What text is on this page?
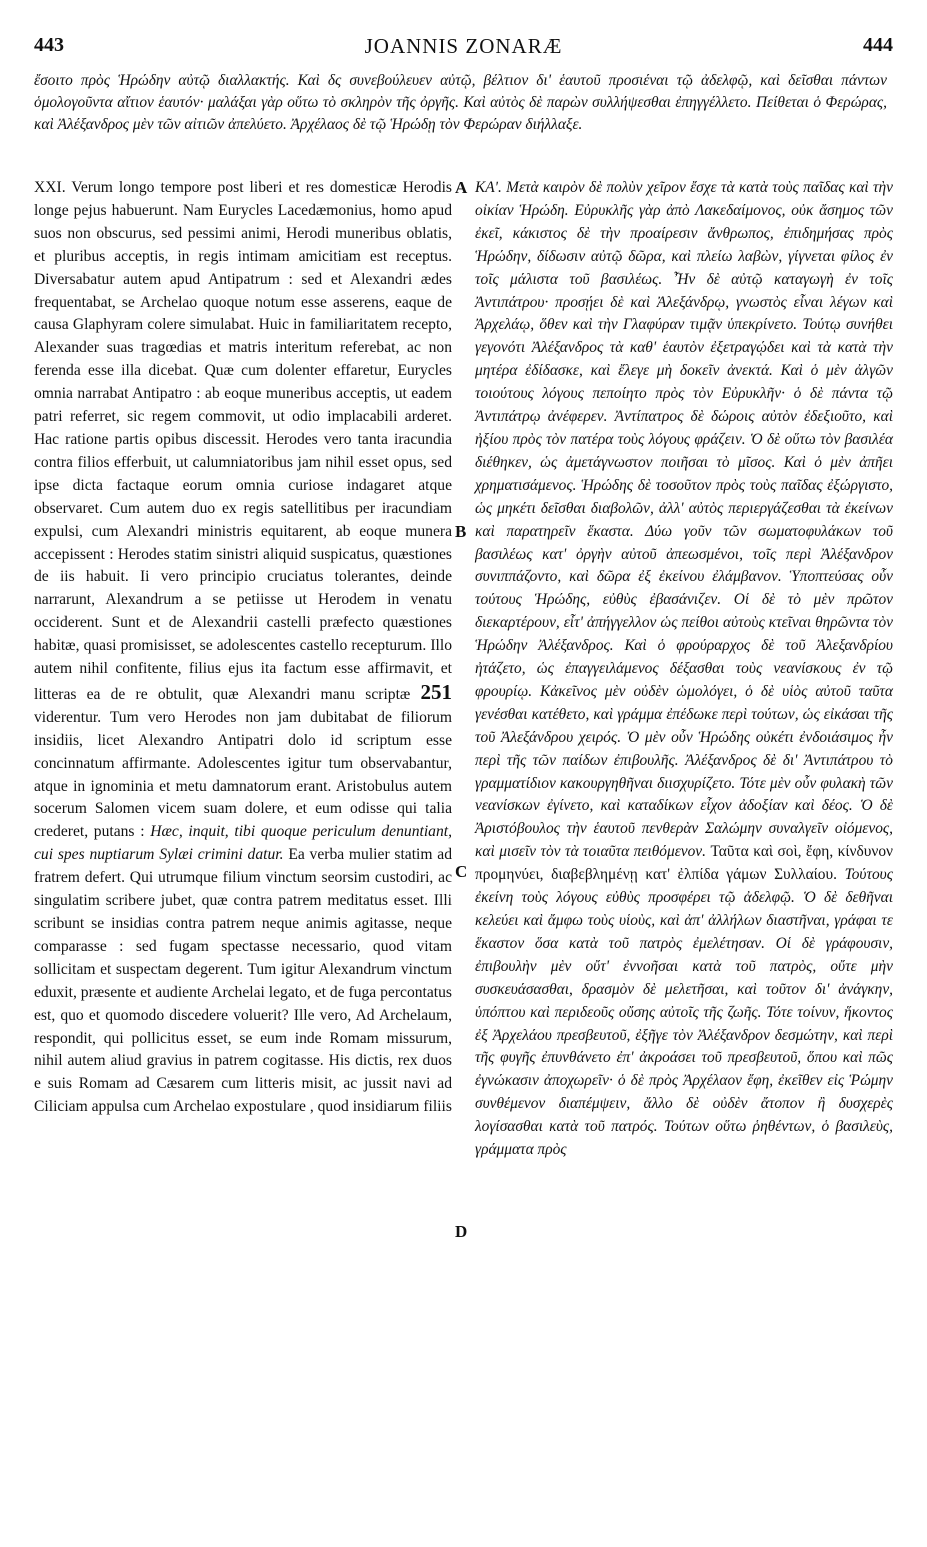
443	JOANNIS ZONARÆ	444

ἔσοιτο πρὸς Ἡρώδην αὐτῷ διαλλακτής. Καὶ δς συνεβούλευεν αὐτῷ, βέλτιον δι' ἑαυτοῦ προσιέναι τῷ ἀδελφῷ, καὶ δεῖσθαι πάντων ὁμολογοῦντα αἴτιον ἑαυτόν· μαλάξαι γὰρ οὕτω τὸ σκληρὸν τῆς ὀργῆς. Καὶ αὐτὸς δὲ παρὼν συλλήψεσθαι ἐπηγγέλλετο. Πείθεται ὁ Φερώρας, καὶ Ἀλέξανδρος μὲν τῶν αἰτιῶν ἀπελύετο. Ἀρχέλαος δὲ τῷ Ἡρώδῃ τὸν Φερώραν διήλλαξε.

XXI. Verum longo tempore post liberi et res domesticæ Herodis longe pejus habuerunt. Nam Eurycles Lacedæmonius, homo apud suos non obscurus, sed pessimi animi, Herodi muneribus oblatis, et pluribus acceptis, in regis intimam amicitiam est receptus. Diversabatur autem apud Antipatrum : sed et Alexandri ædes frequentabat, se Archelao quoque notum esse asserens, eaque de causa Glaphyram colere simulabat. Huic in familiaritatem recepto, Alexander suas tragœdias et matris interitum referebat, ac non ferenda esse illa dicebat. Quæ cum dolenter effaretur, Eurycles omnia narrabat Antipatro : ab eoque muneribus acceptis, ut eadem patri referret, sic regem commovit, ut odio implacabili arderet. Hac ratione partis opibus discessit. Herodes vero tanta iracundia contra filios efferbuit, ut calumniatoribus jam nihil esset opus, sed ipse dicta factaque eorum omnia curiose indagaret atque observaret. Cum autem duo ex regis satellitibus per iracundiam expulsi, cum Alexandri ministris equitarent, ab eoque munera accepissent : Herodes statim sinistri aliquid suspicatus, quæstiones de iis habuit. Ii vero principio cruciatus tolerantes, deinde narrarunt, Alexandrum a se petiisse ut Herodem in venatu occiderent. Sunt et de Alexandrii castelli præfecto quæstiones habitæ, quasi promisisset, se adolescentes castello recepturum. Illo autem nihil confitente, filius ejus ita factum esse affirmavit, et litteras ea de re obtulit, quæ Alexandri manu scriptæ 251 viderentur. Tum vero Herodes non jam dubitabat de filiorum insidiis, licet Alexandro Antipatri dolo id scriptum esse concinnatum affirmante. Adolescentes igitur tum observabantur, atque in ignominia et metu damnatorum erant. Aristobulus autem socerum Salomen vicem suam dolere, et eum odisse qui talia crederet, putans : Hæc, inquit, tibi quoque periculum denuntiant, cui spes nuptiarum Sylæi crimini datur. Ea verba mulier statim ad fratrem defert. Qui utrumque filium vinctum seorsim custodiri, ac singulatim scribere jubet, quæ contra patrem meditatus esset. Illi scribunt se insidias contra patrem neque animis agitasse, neque comparasse : sed fugam spectasse necessario, quod vitam sollicitam et suspectam degerent. Tum igitur Alexandrum vinctum eduxit, præsente et audiente Archelai legato, et de fuga percontatus est, quo et quomodo discedere voluerit? Ille vero, Ad Archelaum, respondit, qui pollicitus esset, se eum inde Romam missurum, nihil autem aliud gravius in patrem cogitasse. His dictis, rex duos e suis Romam ad Cæsarem cum litteris misit, ac jussit navi ad Ciliciam appulsa cum Archelao expostulare , quod insidiarum filiis

A
B
C
D

ΚΑʹ. Μετὰ καιρὸν δὲ πολὺν χεῖρον ἔσχε τὰ κατὰ τοὺς παῖδας καὶ τὴν οἰκίαν Ἡρώδη. Εὐρυκλῆς γὰρ ἀπὸ Λακεδαίμονος, οὐκ ἄσημος τῶν ἐκεῖ, κάκιστος δὲ τὴν προαίρεσιν ἄνθρωπος, ἐπιδημήσας πρὸς Ἡρώδην, δίδωσιν αὐτῷ δῶρα, καὶ πλείω λαβὼν, γίγνεται φίλος ἐν τοῖς μάλιστα τοῦ βασιλέως. Ἦν δὲ αὐτῷ καταγωγὴ ἐν τοῖς Ἀντιπάτρου· προσῄει δὲ καὶ Ἀλεξάνδρῳ, γνωστὸς εἶναι λέγων καὶ Ἀρχελάῳ, ὅθεν καὶ τὴν Γλαφύραν τιμᾷν ὑπεκρίνετο. Τούτῳ συνήθει γεγονότι Ἀλέξανδρος τὰ καθ' ἑαυτὸν ἐξετραγῴδει καὶ τὰ κατὰ τὴν μητέρα ἐδίδασκε, καὶ ἔλεγε μὴ δοκεῖν ἀνεκτά. Καὶ ὁ μὲν ἀλγῶν τοιούτους λόγους πεποίητο πρὸς τὸν Εὐρυκλῆν· ὁ δὲ πάντα τῷ Ἀντιπάτρῳ ἀνέφερεν. Ἀντίπατρος δὲ δώροις αὐτὸν ἐδεξιοῦτο, καὶ ἠξίου πρὸς τὸν πατέρα τοὺς λόγους φράζειν. Ὁ δὲ οὕτω τὸν βασιλέα διέθηκεν, ὡς ἀμετάγνωστον ποιῆσαι τὸ μῖσος. Καὶ ὁ μὲν ἀπῆει χρηματισάμενος. Ἡρώδης δὲ τοσοῦτον πρὸς τοὺς παῖδας ἐξώργιστο, ὡς μηκέτι δεῖσθαι διαβολῶν, ἀλλ' αὐτὸς περιεργάζεσθαι τὰ ἐκείνων καὶ παρατηρεῖν ἕκαστα. Δύω γοῦν τῶν σωματοφυλάκων τοῦ βασιλέως κατ' ὀργὴν αὐτοῦ ἀπεωσμένοι, τοῖς περὶ Ἀλέξανδρον συνιππάζοντο, καὶ δῶρα ἐξ ἐκείνου ἐλάμβανον. Ὑποπτεύσας οὖν τούτους Ἡρώδης, εὐθὺς ἐβασάνιζεν. Οἱ δὲ τὸ μὲν πρῶτον διεκαρτέρουν, εἶτ' ἀπήγγελλον ὡς πείθοι αὐτοὺς κτεῖναι θηρῶντα τὸν Ἡρώδην Ἀλέξανδρος. Καὶ ὁ φρούραρχος δὲ τοῦ Ἀλεξανδρίου ἠτάζετο, ὡς ἐπαγγειλάμενος δέξασθαι τοὺς νεανίσκους ἐν τῷ φρουρίῳ. Κἀκεῖνος μὲν οὐδὲν ὡμολόγει, ὁ δὲ υἱὸς αὐτοῦ ταῦτα γενέσθαι κατέθετο, καὶ γράμμα ἐπέδωκε περὶ τούτων, ὡς εἰκάσαι τῆς τοῦ Ἀλεξάνδρου χειρός. Ὁ μὲν οὖν Ἡρώδης οὐκέτι ἐνδοιάσιμος ἦν περὶ τῆς τῶν παίδων ἐπιβουλῆς. Ἀλέξανδρος δὲ δι' Ἀντιπάτρου τὸ γραμματίδιον κακουργηθῆναι διισχυρίζετο. Τότε μὲν οὖν φυλακὴ τῶν νεανίσκων ἐγίνετο, καὶ καταδίκων εἶχον ἀδοξίαν καὶ δέος. Ὁ δὲ Ἀριστόβουλος τὴν ἑαυτοῦ πενθερὰν Σαλώμην συναλγεῖν οἰόμενος, καὶ μισεῖν τὸν τὰ τοιαῦτα πειθόμενον. Ταῦτα καὶ σοὶ, ἔφη, κίνδυνον προμηνύει, διαβεβλημένῃ κατ' ἐλπίδα γάμων Συλλαίου. Τούτους ἐκείνη τοὺς λόγους εὐθὺς προσφέρει τῷ ἀδελφῷ. Ὁ δὲ δεθῆναι κελεύει καὶ ἄμφω τοὺς υἱοὺς, καὶ ἀπ' ἀλλήλων διαστῆναι, γράφαι τε ἕκαστον ὅσα κατὰ τοῦ πατρὸς ἐμελέτησαν. Οἱ δὲ γράφουσιν, ἐπιβουλὴν μὲν οὔτ' ἐννοῆσαι κατὰ τοῦ πατρὸς, οὔτε μὴν συσκευάσασθαι, δρασμὸν δὲ μελετῆσαι, καὶ τοῦτον δι' ἀνάγκην, ὑπόπτου καὶ περιδεοῦς οὔσης αὐτοῖς τῆς ζωῆς. Τότε τοίνυν, ἥκοντος ἐξ Ἀρχελάου πρεσβευτοῦ, ἐξῆγε τὸν Ἀλέξανδρον δεσμώτην, καὶ περὶ τῆς φυγῆς ἐπυνθάνετο ἐπ' ἀκροάσει τοῦ πρεσβευτοῦ, ὅπου καὶ πῶς ἐγνώκασιν ἀποχωρεῖν· ὁ δὲ πρὸς Ἀρχέλαον ἔφη, ἐκεῖθεν εἰς Ῥώμην συνθέμενον διαπέμψειν, ἄλλο δὲ οὐδὲν ἄτοπον ἢ δυσχερὲς λογίσασθαι κατὰ τοῦ πατρός. Τούτων οὕτω ῥηθέντων, ὁ βασιλεὺς, γράμματα πρὸς
